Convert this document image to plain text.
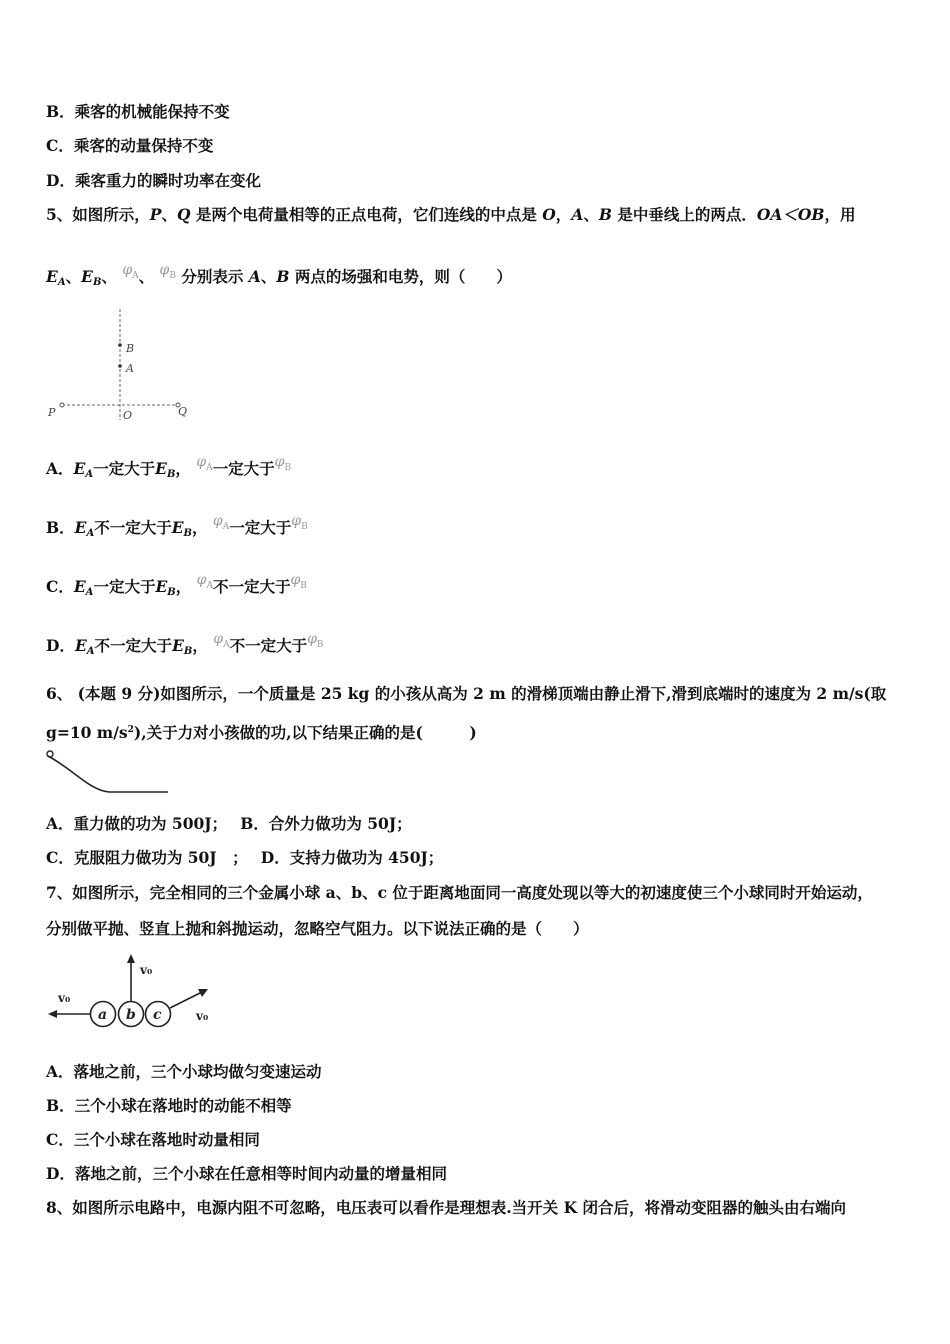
B．乘客的机械能保持不变
C．乘客的动量保持不变
D．乘客重力的瞬时功率在变化
5、如图所示，P、Q 是两个电荷量相等的正点电荷，它们连线的中点是 O，A、B 是中垂线上的两点．OA＜OB，用
$E_A$、$E_B$、 $\varphi_A$、 $\varphi_B$ 分别表示 A、B 两点的场强和电势，则（　　）
B
A
P	O	Q
A．$E_A$一定大于$E_B$， $\varphi_A$一定大于$\varphi_B$
B．$E_A$不一定大于$E_B$， $\varphi_A$一定大于$\varphi_B$
C．$E_A$一定大于$E_B$， $\varphi_A$不一定大于$\varphi_B$
D．$E_A$不一定大于$E_B$， $\varphi_A$不一定大于$\varphi_B$
6、 (本题 9 分)如图所示，一个质量是 25 kg 的小孩从高为 2 m 的滑梯顶端由静止滑下,滑到底端时的速度为 2 m/s(取
g=10 $m/s^2$),关于力对小孩做的功,以下结果正确的是(　　　)
A．重力做的功为 500J；　 B．合外力做功为 50J；
C．克服阻力做功为 50J　；　 D．支持力做功为 450J；
7、如图所示，完全相同的三个金属小球 a、b、c 位于距离地面同一高度处现以等大的初速度使三个小球同时开始运动，
分别做平抛、竖直上抛和斜抛运动，忽略空气阻力。以下说法正确的是（　　）
a b c
v₀
v₀
v₀
A．落地之前，三个小球均做匀变速运动
B．三个小球在落地时的动能不相等
C．三个小球在落地时动量相同
D．落地之前，三个小球在任意相等时间内动量的增量相同
8、如图所示电路中，电源内阻不可忽略，电压表可以看作是理想表.当开关 K 闭合后，将滑动变阻器的触头由右端向
